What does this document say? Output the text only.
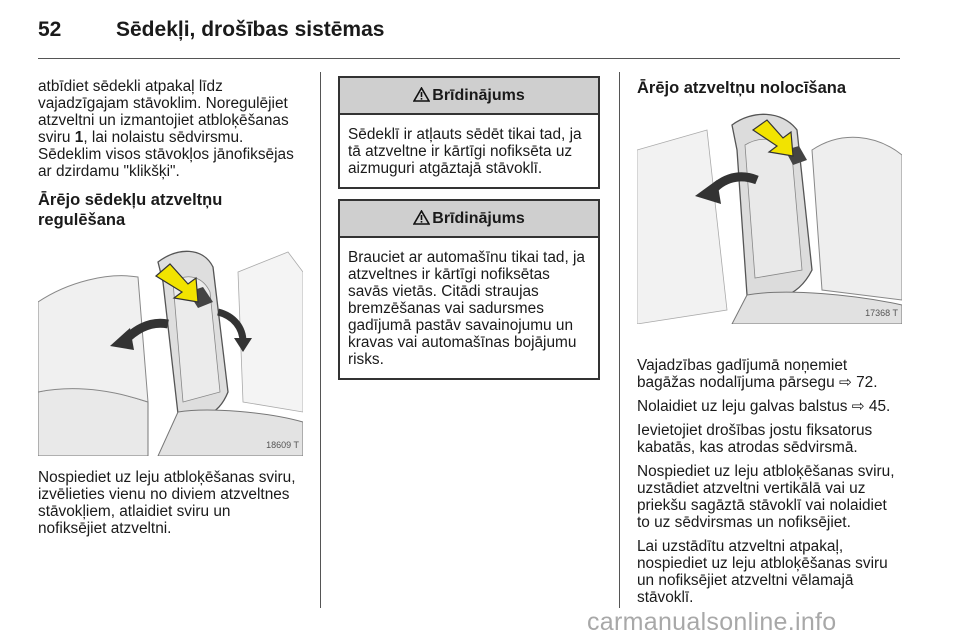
52	Sēdekļi, drošības sistēmas

atbīdiet sēdekli atpakaļ līdz
vajadzīgajam stāvoklim. Noregulējiet
atzveltni un izmantojiet atbloķēšanas
sviru 1, lai nolaistu sēdvirsmu.
Sēdeklim visos stāvokļos jānofiksējas
ar dzirdamu "klikšķi".

Ārējo sēdekļu atzveltņu
regulēšana
18609 T

Nospiediet uz leju atbloķēšanas sviru,
izvēlieties vienu no diviem atzveltnes
stāvokļiem, atlaidiet sviru un
nofiksējiet atzveltni.

Brīdinājums
Sēdeklī ir atļauts sēdēt tikai tad, ja
tā atzveltne ir kārtīgi nofiksēta uz
aizmuguri atgāztajā stāvoklī.
Brīdinājums
Brauciet ar automašīnu tikai tad, ja
atzveltnes ir kārtīgi nofiksētas
savās vietās. Citādi straujas
bremzēšanas vai sadursmes
gadījumā pastāv savainojumu un
kravas vai automašīnas bojājumu
risks.
Ārējo atzveltņu nolocīšana
17368 T

Vajadzības gadījumā noņemiet
bagāžas nodalījuma pārsegu ⇨ 72.

Nolaidiet uz leju galvas balstus ⇨ 45.

Ievietojiet drošības jostu fiksatorus
kabatās, kas atrodas sēdvirsmā.

Nospiediet uz leju atbloķēšanas sviru,
uzstādiet atzveltni vertikālā vai uz
priekšu sagāztā stāvoklī vai nolaidiet
to uz sēdvirsmas un nofiksējiet.

Lai uzstādītu atzveltni atpakaļ,
nospiediet uz leju atbloķēšanas sviru
un nofiksējiet atzveltni vēlamajā
stāvoklī.

carmanualsonline.info
